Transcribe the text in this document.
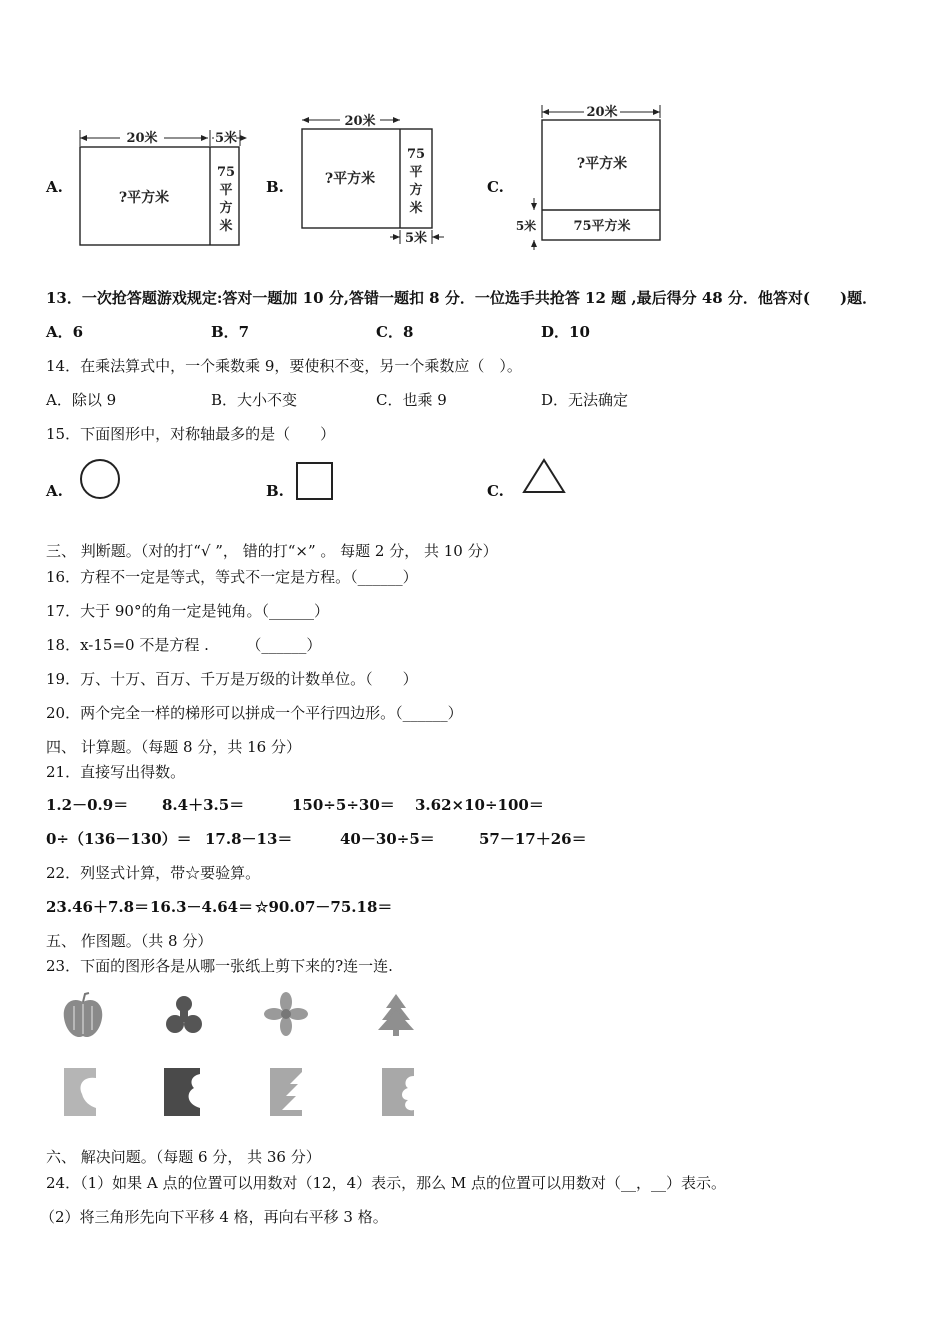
A.
20米	5米
?平方米
75
平
方
米
B.
20米
?平方米
75
平
方
米
5米
C.
20米
?平方米
75平方米
5米
13．一次抢答题游戏规定:答对一题加 10 分,答错一题扣 8 分．一位选手共抢答 12 题 ,最后得分 48 分．他答对(　　)题．
A．6	B．7	C．8	D．10
14．在乘法算式中，一个乘数乘 9，要使积不变，另一个乘数应（　）。
A．除以 9	B．大小不变	C．也乘 9	D．无法确定
15．下面图形中，对称轴最多的是（　　）
A.	B.	C.
三、 判断题。（对的打“√ ”， 错的打“×” 。 每题 2 分， 共 10 分）
16．方程不一定是等式，等式不一定是方程。（______）
17．大于 90°的角一定是钝角。（______）
18．x-15=0 不是方程 .　　　（______）
19．万、十万、百万、千万是万级的计数单位。（　　）
20．两个完全一样的梯形可以拼成一个平行四边形。（______）
四、 计算题。（每题 8 分，共 16 分）
21．直接写出得数。
1.2－0.9＝ 8.4＋3.5＝	150÷5÷30＝ 3.62×10÷100＝
0÷（136－130）＝ 17.8－13＝	40－30÷5＝	57－17＋26＝
22．列竖式计算，带☆要验算。
23.46＋7.8＝ 16.3－4.64＝ ☆90.07－75.18＝
五、 作图题。（共 8 分）
23．下面的图形各是从哪一张纸上剪下来的?连一连.
六、 解决问题。（每题 6 分， 共 36 分）
24．（1）如果 A 点的位置可以用数对（12，4）表示，那么 M 点的位置可以用数对（__，__）表示。
（2）将三角形先向下平移 4 格，再向右平移 3 格。
